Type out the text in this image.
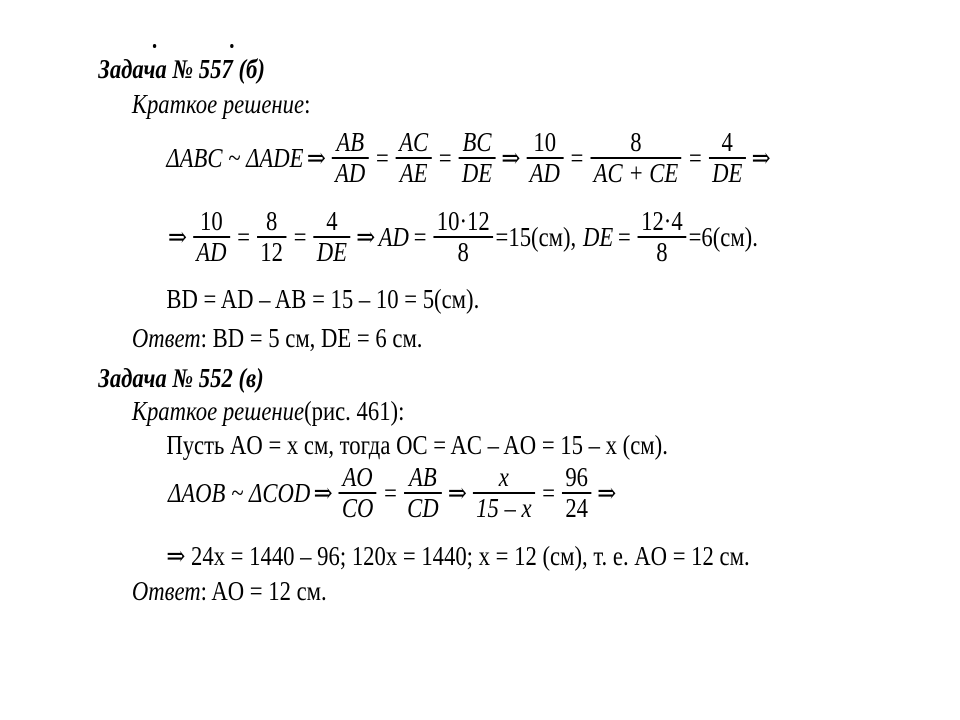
Задача № 557 (б)
Краткое решение :
ΔABC ~ ΔADE ⇒ $\frac{AB}{AD} = \frac{AC}{AE} = \frac{BC}{DE}$ ⇒ $\frac{10}{AD} = \frac{8}{AC + CE} = \frac{4}{DE}$ ⇒
⇒ $\frac{10}{AD} = \frac{8}{12} = \frac{4}{DE}$ ⇒ AD = $\frac{10\cdot 12}{8} =15(см)$, DE = $\frac{12\cdot 4}{8} =6(см)$.
BD = AD – AB = 15 – 10 = 5(см).
Ответ : BD = 5 см, DE = 6 см.
Задача № 552 (в)
Краткое решение (рис. 461):
Пусть AO = x см, тогда OC = AC – AO = 15 – x (см).
ΔAOB ~ ΔCOD ⇒ $\frac{AO}{CO} = \frac{AB}{CD}$ ⇒ $\frac{x}{15 - x} = \frac{96}{24}$ ⇒
⇒ 24x = 1440 – 96; 120x = 1440; x = 12 (см), т. е. AO = 12 см.
Ответ : AO = 12 см.
